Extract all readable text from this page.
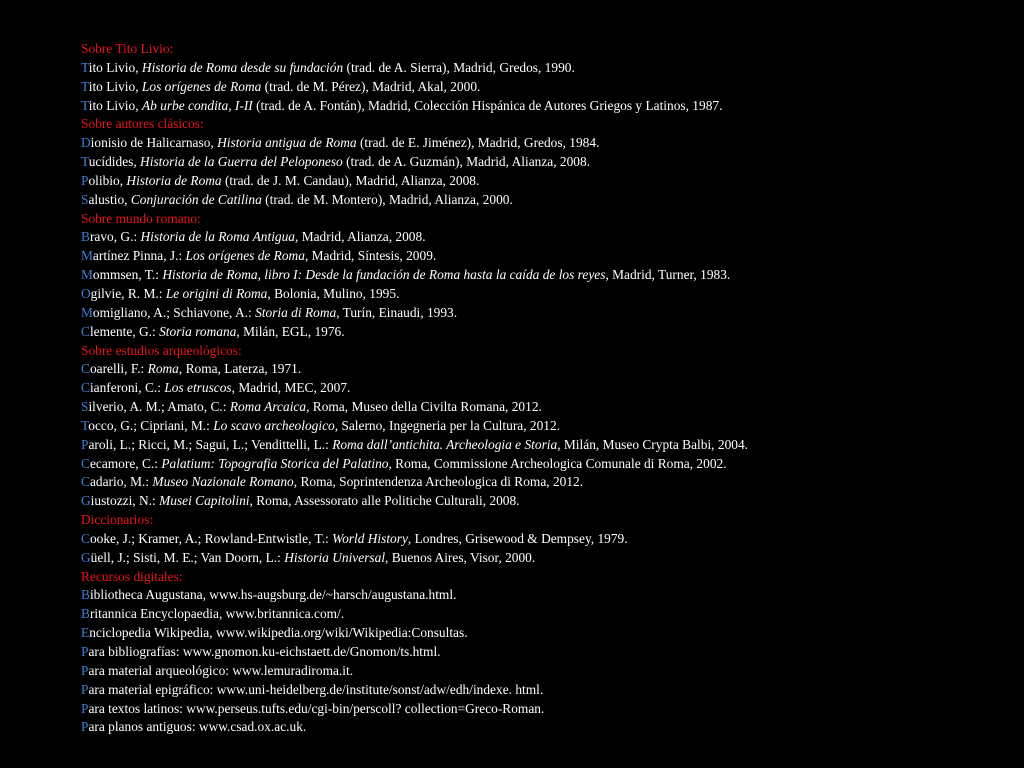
Sobre Tito Livio:
Tito Livio, Historia de Roma desde su fundación (trad. de A. Sierra), Madrid, Gredos, 1990.
Tito Livio, Los orígenes de Roma (trad. de M. Pérez), Madrid, Akal, 2000.
Tito Livio, Ab urbe condita, I-II (trad. de A. Fontán), Madrid, Colección Hispánica de Autores Griegos y Latinos, 1987.
Sobre autores clásicos:
Dionisio de Halicarnaso, Historia antigua de Roma (trad. de E. Jiménez), Madrid, Gredos, 1984.
Tucídides, Historia de la Guerra del Peloponeso (trad. de A. Guzmán), Madrid, Alianza, 2008.
Polibio, Historia de Roma (trad. de J. M. Candau), Madrid, Alianza, 2008.
Salustio, Conjuración de Catilina (trad. de M. Montero), Madrid, Alianza, 2000.
Sobre mundo romano:
Bravo, G.: Historia de la Roma Antigua, Madrid, Alianza, 2008.
Martínez Pinna, J.: Los orígenes de Roma, Madrid, Síntesis, 2009.
Mommsen, T.: Historia de Roma, libro I: Desde la fundación de Roma hasta la caída de los reyes, Madrid, Turner, 1983.
Ogilvie, R. M.: Le origini di Roma, Bolonia, Mulino, 1995.
Momigliano, A.; Schiavone, A.: Storia di Roma, Turín, Einaudi, 1993.
Clemente, G.: Storia romana, Milán, EGL, 1976.
Sobre estudios arqueológicos:
Coarelli, F.: Roma, Roma, Laterza, 1971.
Cianferoni, C.: Los etruscos, Madrid, MEC, 2007.
Silverio, A. M.; Amato, C.: Roma Arcaica, Roma, Museo della Civilta Romana, 2012.
Tocco, G.; Cipriani, M.: Lo scavo archeologico, Salerno, Ingegneria per la Cultura, 2012.
Paroli, L.; Ricci, M.; Sagui, L.; Vendittelli, L.: Roma dall’antichita. Archeologia e Storia, Milán, Museo Crypta Balbi, 2004.
Cecamore, C.: Palatium: Topografia Storica del Palatino, Roma, Commissione Archeologica Comunale di Roma, 2002.
Cadario, M.: Museo Nazionale Romano, Roma, Soprintendenza Archeologica di Roma, 2012.
Giustozzi, N.: Musei Capitolini, Roma, Assessorato alle Politiche Culturali, 2008.
Diccionarios:
Cooke, J.; Kramer, A.; Rowland-Entwistle, T.: World History, Londres, Grisewood & Dempsey, 1979.
Güell, J.; Sisti, M. E.; Van Doorn, L.: Historia Universal, Buenos Aires, Visor, 2000.
Recursos digitales:
Bibliotheca Augustana, www.hs-augsburg.de/~harsch/augustana.html.
Britannica Encyclopaedia, www.britannica.com/.
Enciclopedia Wikipedia, www.wikipedia.org/wiki/Wikipedia:Consultas.
Para bibliografías: www.gnomon.ku-eichstaett.de/Gnomon/ts.html.
Para material arqueológico: www.lemuradiroma.it.
Para material epigráfico: www.uni-heidelberg.de/institute/sonst/adw/edh/indexe. html.
Para textos latinos: www.perseus.tufts.edu/cgi-bin/perscoll? collection=Greco-Roman.
Para planos antiguos: www.csad.ox.ac.uk.
